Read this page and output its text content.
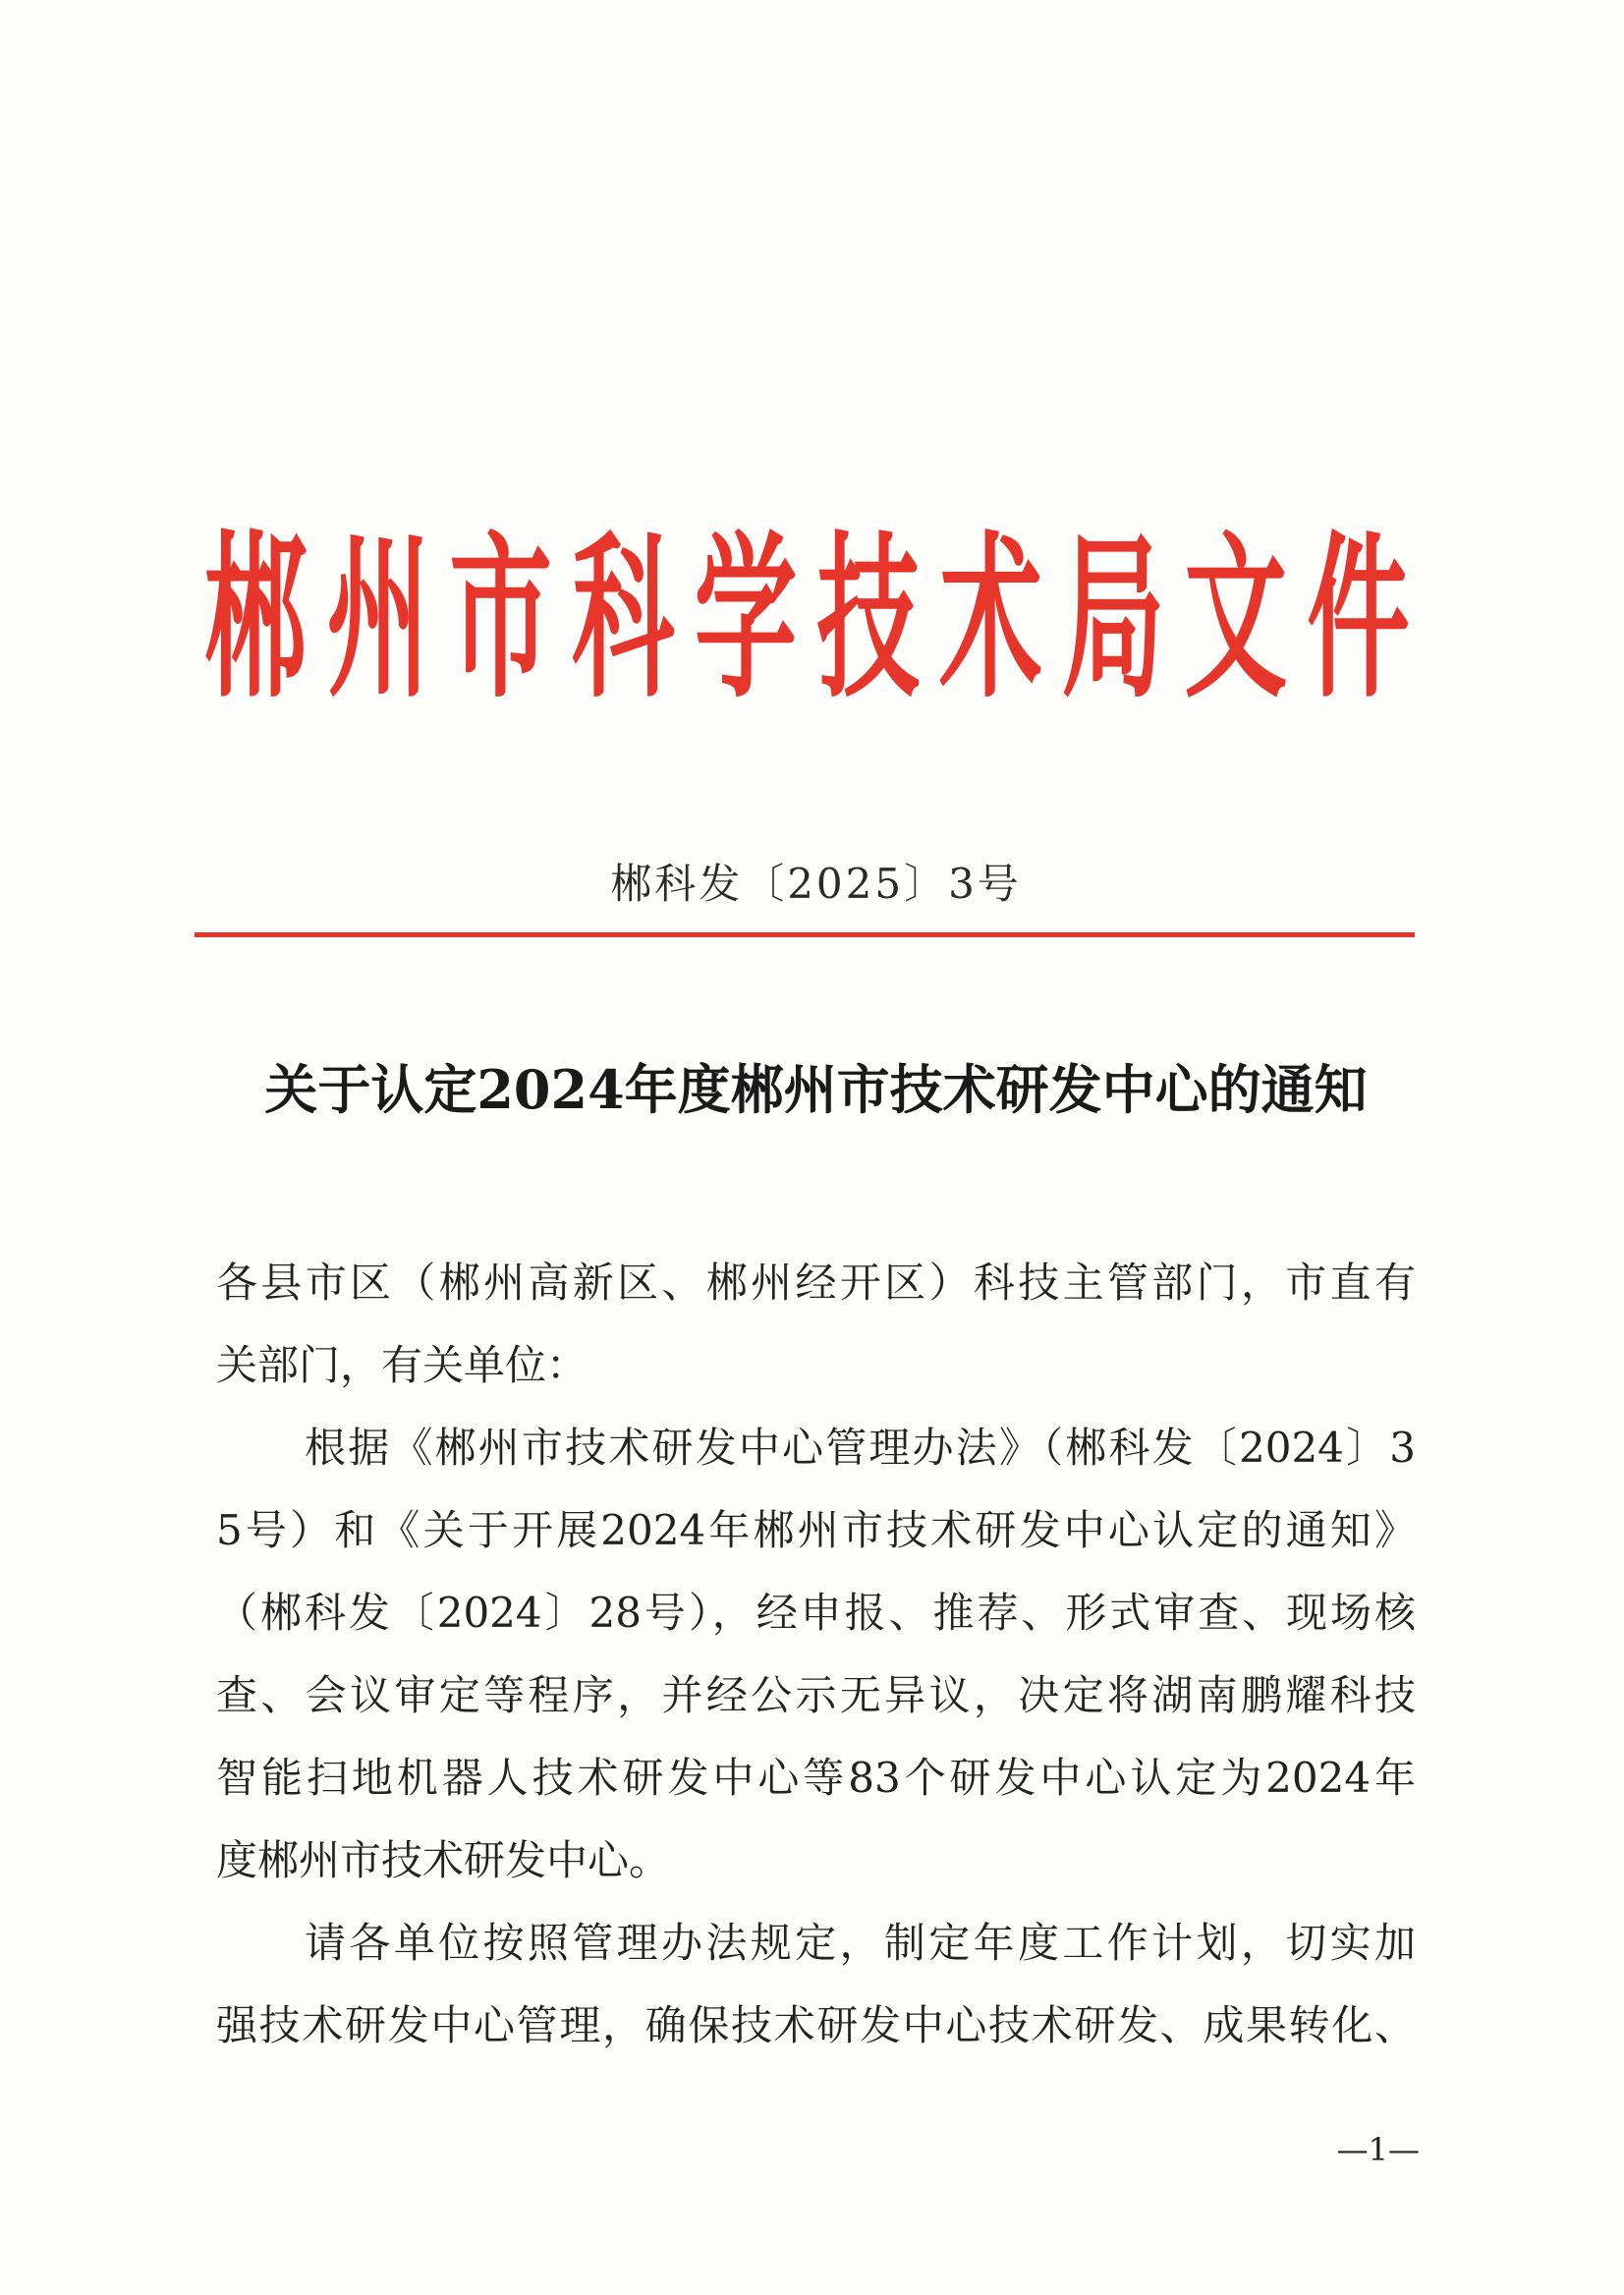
郴州市科学技术局文件
郴科发〔2025〕3号
关于认定2024年度郴州市技术研发中心的通知
各县市区（郴州高新区、郴州经开区）科技主管部门，市直有
关部门，有关单位：
根据《郴州市技术研发中心管理办法》（郴科发〔2024〕3
5号）和《关于开展2024年郴州市技术研发中心认定的通知》
（郴科发〔2024〕28号），经申报、推荐、形式审查、现场核
查、会议审定等程序，并经公示无异议，决定将湖南鹏耀科技
智能扫地机器人技术研发中心等83个研发中心认定为2024年
度郴州市技术研发中心。
请各单位按照管理办法规定，制定年度工作计划，切实加
强技术研发中心管理，确保技术研发中心技术研发、成果转化、
—1—
